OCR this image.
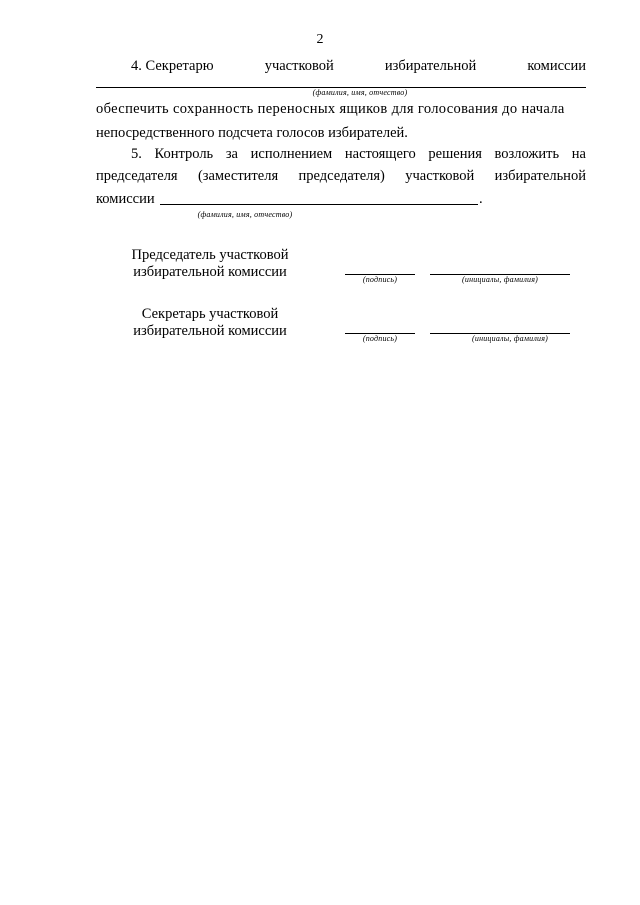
2
4. Секретарю	участковой	избирательной	комиссии
(фамилия, имя, отчество)
обеспечить сохранность переносных ящиков для голосования до начала
непосредственного подсчета голосов избирателей.
5. Контроль за исполнением настоящего решения возложить на
председателя (заместителя председателя) участковой избирательной
комиссии	.
(фамилия, имя, отчество)
Председатель участковой
избирательной комиссии	(подпись)	(инициалы, фамилия)
Секретарь участковой
избирательной комиссии	(подпись)	(инициалы, фамилия)
